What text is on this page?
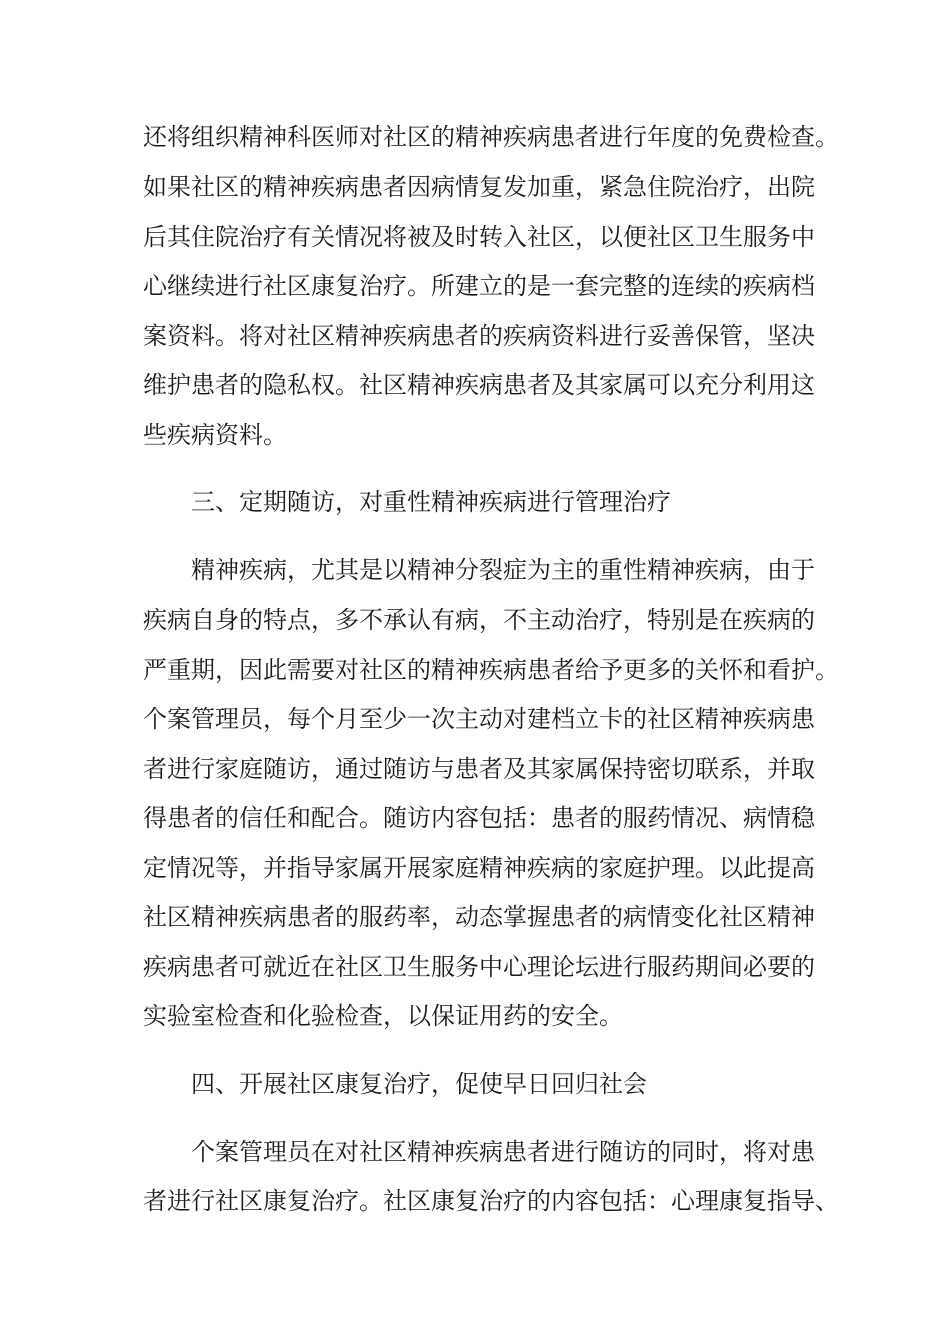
还将组织精神科医师对社区的精神疾病患者进行年度的免费检查。
如果社区的精神疾病患者因病情复发加重，紧急住院治疗，出院
后其住院治疗有关情况将被及时转入社区，以便社区卫生服务中
心继续进行社区康复治疗。所建立的是一套完整的连续的疾病档
案资料。将对社区精神疾病患者的疾病资料进行妥善保管，坚决
维护患者的隐私权。社区精神疾病患者及其家属可以充分利用这
些疾病资料。
三、定期随访，对重性精神疾病进行管理治疗
精神疾病，尤其是以精神分裂症为主的重性精神疾病，由于
疾病自身的特点，多不承认有病，不主动治疗，特别是在疾病的
严重期，因此需要对社区的精神疾病患者给予更多的关怀和看护。
个案管理员，每个月至少一次主动对建档立卡的社区精神疾病患
者进行家庭随访，通过随访与患者及其家属保持密切联系，并取
得患者的信任和配合。随访内容包括：患者的服药情况、病情稳
定情况等，并指导家属开展家庭精神疾病的家庭护理。以此提高
社区精神疾病患者的服药率，动态掌握患者的病情变化社区精神
疾病患者可就近在社区卫生服务中心理论坛进行服药期间必要的
实验室检查和化验检查，以保证用药的安全。
四、开展社区康复治疗，促使早日回归社会
个案管理员在对社区精神疾病患者进行随访的同时，将对患
者进行社区康复治疗。社区康复治疗的内容包括：心理康复指导、
